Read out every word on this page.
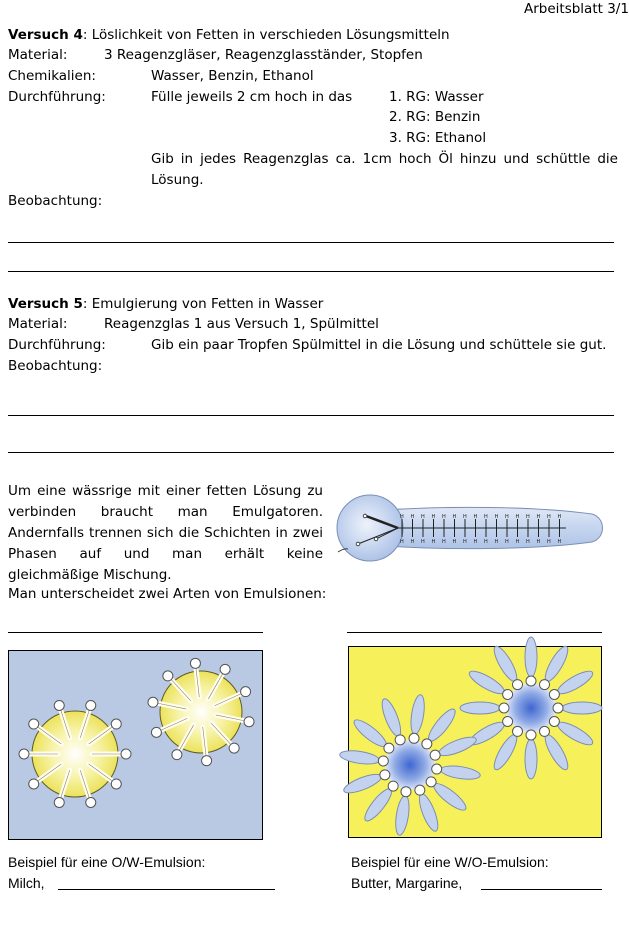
Arbeitsblatt 3/1
Versuch 4: Löslichkeit von Fetten in verschieden Lösungsmitteln
Material:	3 Reagenzgläser, Reagenzglasständer, Stopfen
Chemikalien:	Wasser, Benzin, Ethanol
Durchführung:	Fülle jeweils 2 cm hoch in das	1. RG: Wasser
2. RG: Benzin
3. RG: Ethanol
Gib in jedes Reagenzglas ca. 1cm hoch Öl hinzu und schüttle die
Lösung.
Beobachtung:
Versuch 5: Emulgierung von Fetten in Wasser
Material:	Reagenzglas 1 aus Versuch 1, Spülmittel
Durchführung:	Gib ein paar Tropfen Spülmittel in die Lösung und schüttele sie gut.
Beobachtung:
Um eine wässrige mit einer fetten Lösung zu verbinden braucht man Emulgatoren. Andernfalls trennen sich die Schichten in zwei Phasen auf und man erhält keine gleichmäßige Mischung.
Man unterscheidet zwei Arten von Emulsionen:
H
H
H
H
H
H
H
H
H
H
H
H
H
H
H
H
H
H
H
H
H
H
H
H
H
H
H
H
H
H
H
H
Beispiel für eine O/W-Emulsion:
Milch,
Beispiel für eine W/O-Emulsion:
Butter, Margarine,
